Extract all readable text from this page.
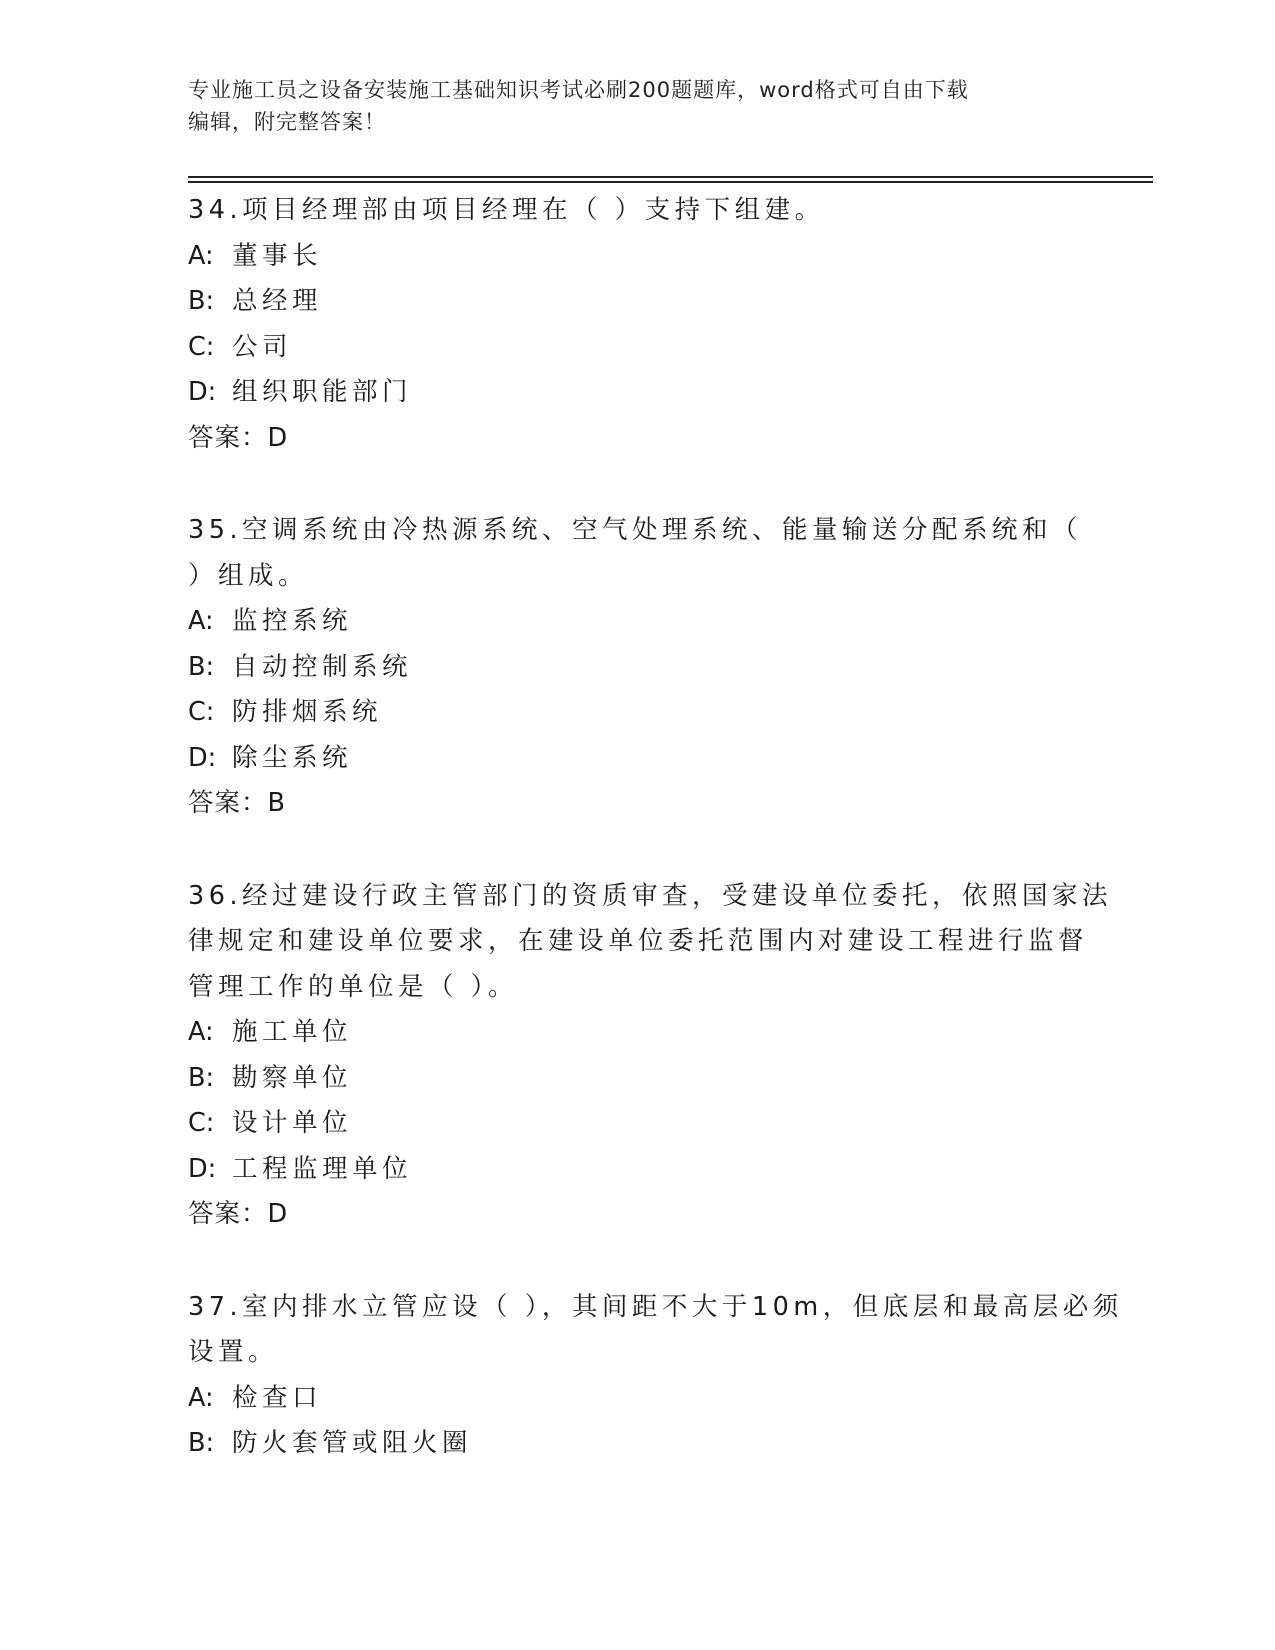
专业施工员之设备安装施工基础知识考试必刷200题题库，word格式可自由下载
编辑，附完整答案！
34.项目经理部由项目经理在（ ）支持下组建。
A: 董事长
B: 总经理
C: 公司
D: 组织职能部门
答案：D
35.空调系统由冷热源系统、空气处理系统、能量输送分配系统和（
）组成。
A: 监控系统
B: 自动控制系统
C: 防排烟系统
D: 除尘系统
答案：B
36.经过建设行政主管部门的资质审查，受建设单位委托，依照国家法
律规定和建设单位要求，在建设单位委托范围内对建设工程进行监督
管理工作的单位是（ ）。
A: 施工单位
B: 勘察单位
C: 设计单位
D: 工程监理单位
答案：D
37.室内排水立管应设（ ），其间距不大于10m，但底层和最高层必须
设置。
A: 检查口
B: 防火套管或阻火圈
